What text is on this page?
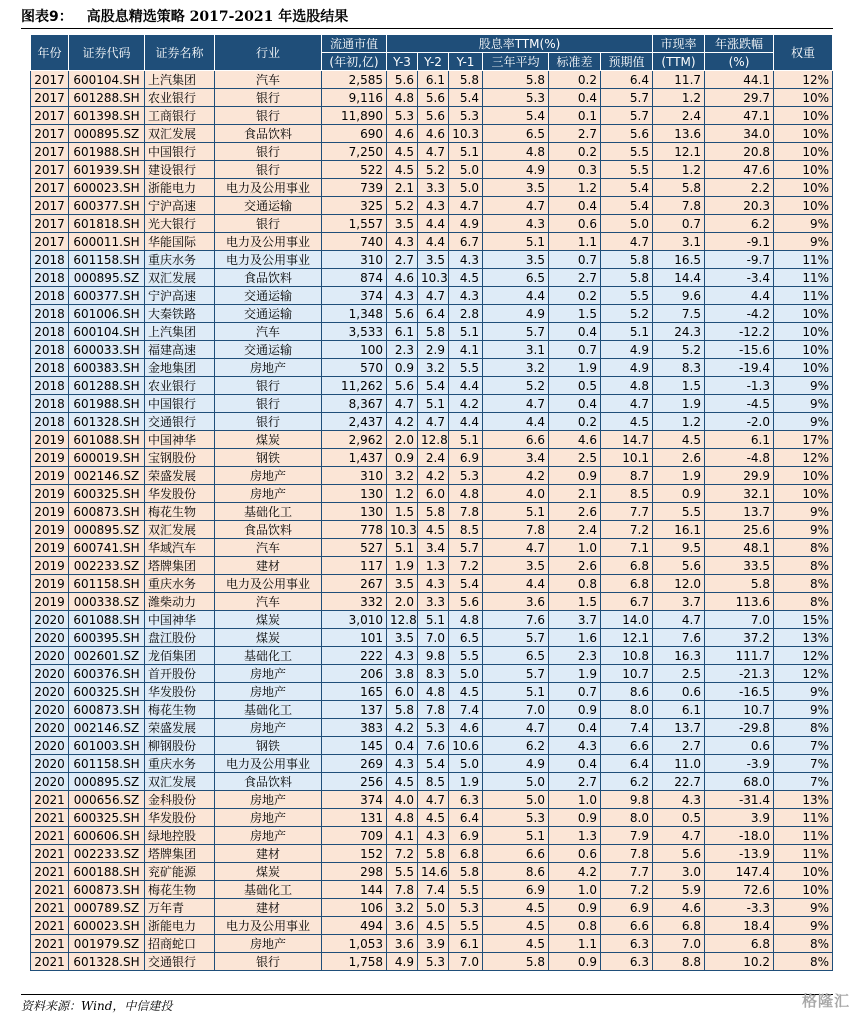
图表9： 高股息精选策略 2017-2021 年选股结果
年份	证券代码	证券名称	行业	流通市值	股息率TTM(%)						市现率	年涨跌幅	权重
				(年初,亿)	Y-3	Y-2	Y-1	三年平均	标准差	预期值	(TTM)	(%)	
2017	600104.SH	上汽集团	汽车	2,585	5.6	6.1	5.8	5.8	0.2	6.4	11.7	44.1	12%
2017	601288.SH	农业银行	银行	9,116	4.8	5.6	5.4	5.3	0.4	5.7	1.2	29.7	10%
2017	601398.SH	工商银行	银行	11,890	5.3	5.6	5.3	5.4	0.1	5.7	2.4	47.1	10%
2017	000895.SZ	双汇发展	食品饮料	690	4.6	4.6	10.3	6.5	2.7	5.6	13.6	34.0	10%
2017	601988.SH	中国银行	银行	7,250	4.5	4.7	5.1	4.8	0.2	5.5	12.1	20.8	10%
2017	601939.SH	建设银行	银行	522	4.5	5.2	5.0	4.9	0.3	5.5	1.2	47.6	10%
2017	600023.SH	浙能电力	电力及公用事业	739	2.1	3.3	5.0	3.5	1.2	5.4	5.8	2.2	10%
2017	600377.SH	宁沪高速	交通运输	325	5.2	4.3	4.7	4.7	0.4	5.4	7.8	20.3	10%
2017	601818.SH	光大银行	银行	1,557	3.5	4.4	4.9	4.3	0.6	5.0	0.7	6.2	9%
2017	600011.SH	华能国际	电力及公用事业	740	4.3	4.4	6.7	5.1	1.1	4.7	3.1	-9.1	9%
2018	601158.SH	重庆水务	电力及公用事业	310	2.7	3.5	4.3	3.5	0.7	5.8	16.5	-9.7	11%
2018	000895.SZ	双汇发展	食品饮料	874	4.6	10.3	4.5	6.5	2.7	5.8	14.4	-3.4	11%
2018	600377.SH	宁沪高速	交通运输	374	4.3	4.7	4.3	4.4	0.2	5.5	9.6	4.4	11%
2018	601006.SH	大秦铁路	交通运输	1,348	5.6	6.4	2.8	4.9	1.5	5.2	7.5	-4.2	10%
2018	600104.SH	上汽集团	汽车	3,533	6.1	5.8	5.1	5.7	0.4	5.1	24.3	-12.2	10%
2018	600033.SH	福建高速	交通运输	100	2.3	2.9	4.1	3.1	0.7	4.9	5.2	-15.6	10%
2018	600383.SH	金地集团	房地产	570	0.9	3.2	5.5	3.2	1.9	4.9	8.3	-19.4	10%
2018	601288.SH	农业银行	银行	11,262	5.6	5.4	4.4	5.2	0.5	4.8	1.5	-1.3	9%
2018	601988.SH	中国银行	银行	8,367	4.7	5.1	4.2	4.7	0.4	4.7	1.9	-4.5	9%
2018	601328.SH	交通银行	银行	2,437	4.2	4.7	4.4	4.4	0.2	4.5	1.2	-2.0	9%
2019	601088.SH	中国神华	煤炭	2,962	2.0	12.8	5.1	6.6	4.6	14.7	4.5	6.1	17%
2019	600019.SH	宝钢股份	钢铁	1,437	0.9	2.4	6.9	3.4	2.5	10.1	2.6	-4.8	12%
2019	002146.SZ	荣盛发展	房地产	310	3.2	4.2	5.3	4.2	0.9	8.7	1.9	29.9	10%
2019	600325.SH	华发股份	房地产	130	1.2	6.0	4.8	4.0	2.1	8.5	0.9	32.1	10%
2019	600873.SH	梅花生物	基础化工	130	1.5	5.8	7.8	5.1	2.6	7.7	5.5	13.7	9%
2019	000895.SZ	双汇发展	食品饮料	778	10.3	4.5	8.5	7.8	2.4	7.2	16.1	25.6	9%
2019	600741.SH	华域汽车	汽车	527	5.1	3.4	5.7	4.7	1.0	7.1	9.5	48.1	8%
2019	002233.SZ	塔牌集团	建材	117	1.9	1.3	7.2	3.5	2.6	6.8	5.6	33.5	8%
2019	601158.SH	重庆水务	电力及公用事业	267	3.5	4.3	5.4	4.4	0.8	6.8	12.0	5.8	8%
2019	000338.SZ	潍柴动力	汽车	332	2.0	3.3	5.6	3.6	1.5	6.7	3.7	113.6	8%
2020	601088.SH	中国神华	煤炭	3,010	12.8	5.1	4.8	7.6	3.7	14.0	4.7	7.0	15%
2020	600395.SH	盘江股份	煤炭	101	3.5	7.0	6.5	5.7	1.6	12.1	7.6	37.2	13%
2020	002601.SZ	龙佰集团	基础化工	222	4.3	9.8	5.5	6.5	2.3	10.8	16.3	111.7	12%
2020	600376.SH	首开股份	房地产	206	3.8	8.3	5.0	5.7	1.9	10.7	2.5	-21.3	12%
2020	600325.SH	华发股份	房地产	165	6.0	4.8	4.5	5.1	0.7	8.6	0.6	-16.5	9%
2020	600873.SH	梅花生物	基础化工	137	5.8	7.8	7.4	7.0	0.9	8.0	6.1	10.7	9%
2020	002146.SZ	荣盛发展	房地产	383	4.2	5.3	4.6	4.7	0.4	7.4	13.7	-29.8	8%
2020	601003.SH	柳钢股份	钢铁	145	0.4	7.6	10.6	6.2	4.3	6.6	2.7	0.6	7%
2020	601158.SH	重庆水务	电力及公用事业	269	4.3	5.4	5.0	4.9	0.4	6.4	11.0	-3.9	7%
2020	000895.SZ	双汇发展	食品饮料	256	4.5	8.5	1.9	5.0	2.7	6.2	22.7	68.0	7%
2021	000656.SZ	金科股份	房地产	374	4.0	4.7	6.3	5.0	1.0	9.8	4.3	-31.4	13%
2021	600325.SH	华发股份	房地产	131	4.8	4.5	6.4	5.3	0.9	8.0	0.5	3.9	11%
2021	600606.SH	绿地控股	房地产	709	4.1	4.3	6.9	5.1	1.3	7.9	4.7	-18.0	11%
2021	002233.SZ	塔牌集团	建材	152	7.2	5.8	6.8	6.6	0.6	7.8	5.6	-13.9	11%
2021	600188.SH	兖矿能源	煤炭	298	5.5	14.6	5.8	8.6	4.2	7.7	3.0	147.4	10%
2021	600873.SH	梅花生物	基础化工	144	7.8	7.4	5.5	6.9	1.0	7.2	5.9	72.6	10%
2021	000789.SZ	万年青	建材	106	3.2	5.0	5.3	4.5	0.9	6.9	4.6	-3.3	9%
2021	600023.SH	浙能电力	电力及公用事业	494	3.6	4.5	5.5	4.5	0.8	6.6	6.8	18.4	9%
2021	001979.SZ	招商蛇口	房地产	1,053	3.6	3.9	6.1	4.5	1.1	6.3	7.0	6.8	8%
2021	601328.SH	交通银行	银行	1,758	4.9	5.3	7.0	5.8	0.9	6.3	8.8	10.2	8%
资料来源：Wind，中信建投	格隆汇
